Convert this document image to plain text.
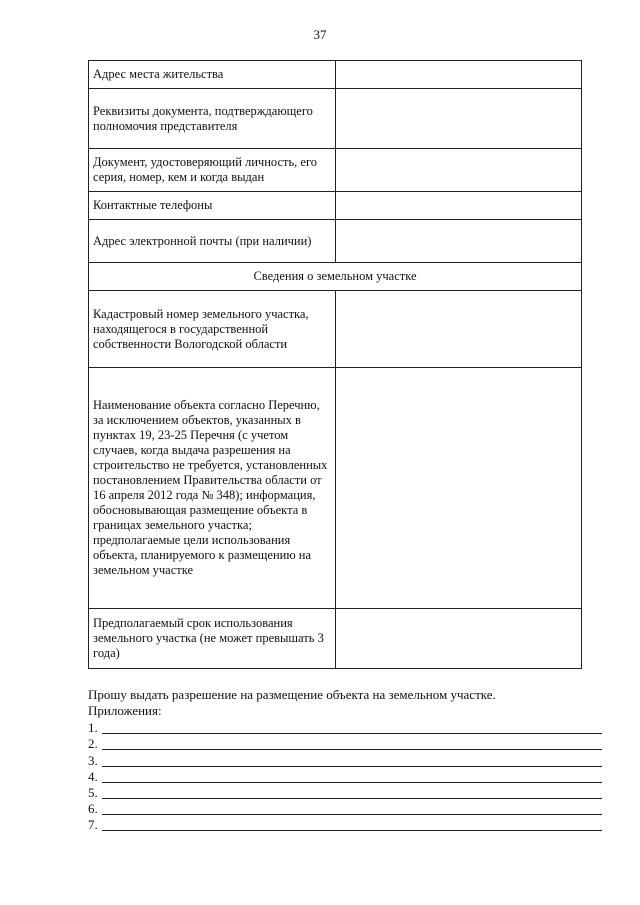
37
Адрес места жительства	
Реквизиты документа, подтверждающего полномочия представителя	
Документ, удостоверяющий личность, его серия, номер, кем и когда выдан	
Контактные телефоны	
Адрес электронной почты (при наличии)	
Сведения о земельном участке	
Кадастровый номер земельного участка, находящегося в государственной собственности Вологодской области	
Наименование объекта согласно Перечню, за исключением объектов, указанных в пунктах 19, 23-25 Перечня (с учетом случаев, когда выдача разрешения на строительство не требуется, установленных постановлением Правительства области от 16 апреля 2012 года № 348); информация, обосновывающая размещение объекта в границах земельного участка; предполагаемые цели использования объекта, планируемого к размещению на земельном участке	
Предполагаемый срок использования земельного участка (не может превышать 3 года)	
Прошу выдать разрешение на размещение объекта на земельном участке.
Приложения:
1.
2.
3.
4.
5.
6.
7.
